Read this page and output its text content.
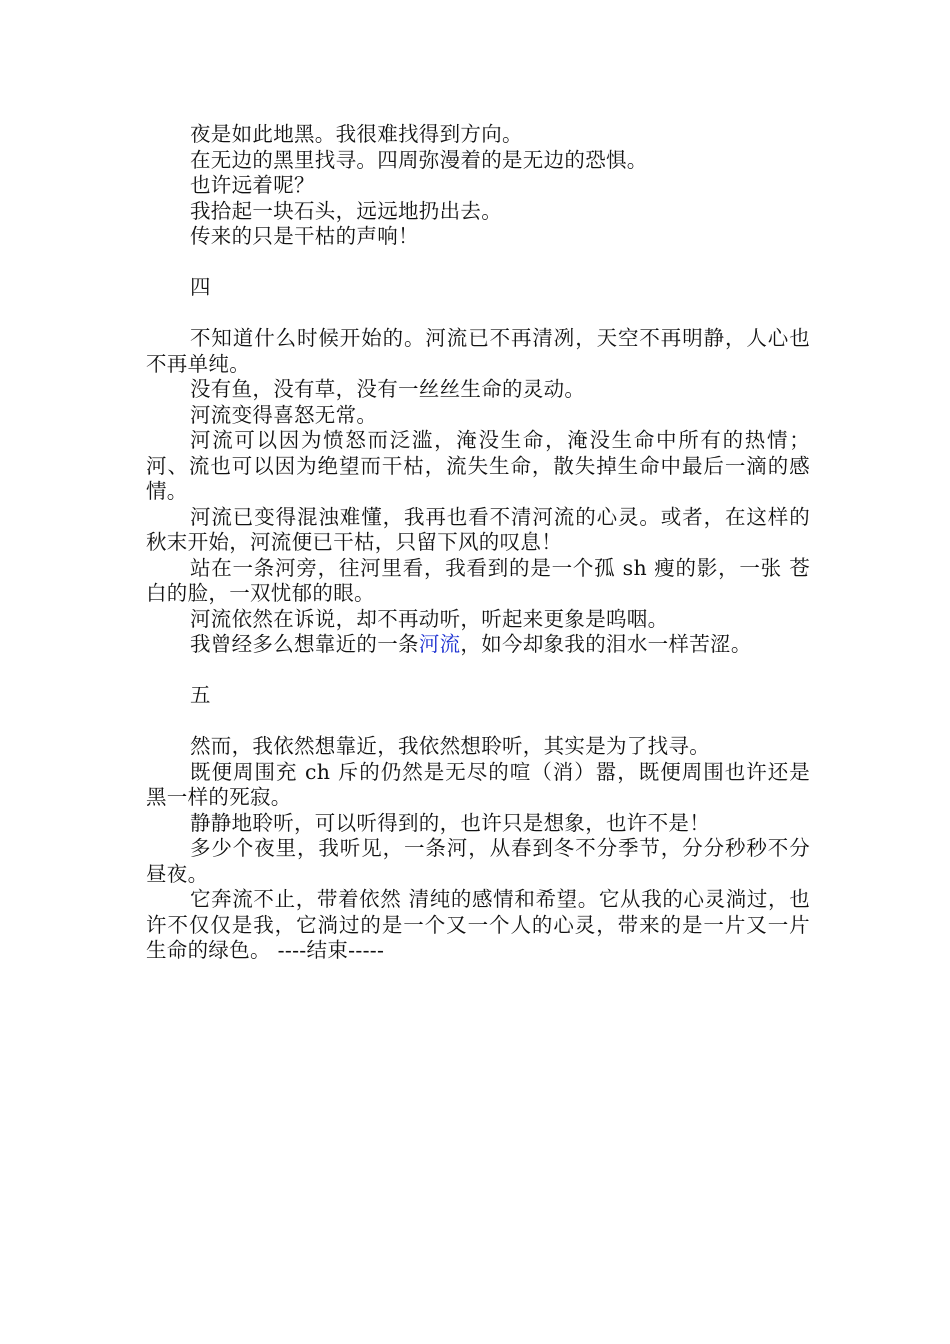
夜是如此地黑。我很难找得到方向。

在无边的黑里找寻。四周弥漫着的是无边的恐惧。

也许远着呢？

我拾起一块石头，远远地扔出去。

传来的只是干枯的声响！

四

不知道什么时候开始的。河流已不再清冽，天空不再明静，人心也不再单纯。

没有鱼，没有草，没有一丝丝生命的灵动。

河流变得喜怒无常。

河流可以因为愤怒而泛滥，淹没生命，淹没生命中所有的热情；河、流也可以因为绝望而干枯，流失生命，散失掉生命中最后一滴的感情。

河流已变得混浊难懂，我再也看不清河流的心灵。或者，在这样的秋末开始，河流便已干枯，只留下风的叹息！

站在一条河旁，往河里看，我看到的是一个孤 sh 瘦的影，一张 苍白的脸，一双忧郁的眼。

河流依然在诉说，却不再动听，听起来更象是呜咽。

我曾经多么想靠近的一条河流，如今却象我的泪水一样苦涩。

五

然而，我依然想靠近，我依然想聆听，其实是为了找寻。

既便周围充 ch 斥的仍然是无尽的喧（消）嚣，既便周围也许还是黑一样的死寂。

静静地聆听，可以听得到的，也许只是想象，也许不是！

多少个夜里，我听见，一条河，从春到冬不分季节，分分秒秒不分昼夜。

它奔流不止，带着依然 清纯的感情和希望。它从我的心灵淌过，也许不仅仅是我，它淌过的是一个又一个人的心灵，带来的是一片又一片生命的绿色。 ----结束-----
